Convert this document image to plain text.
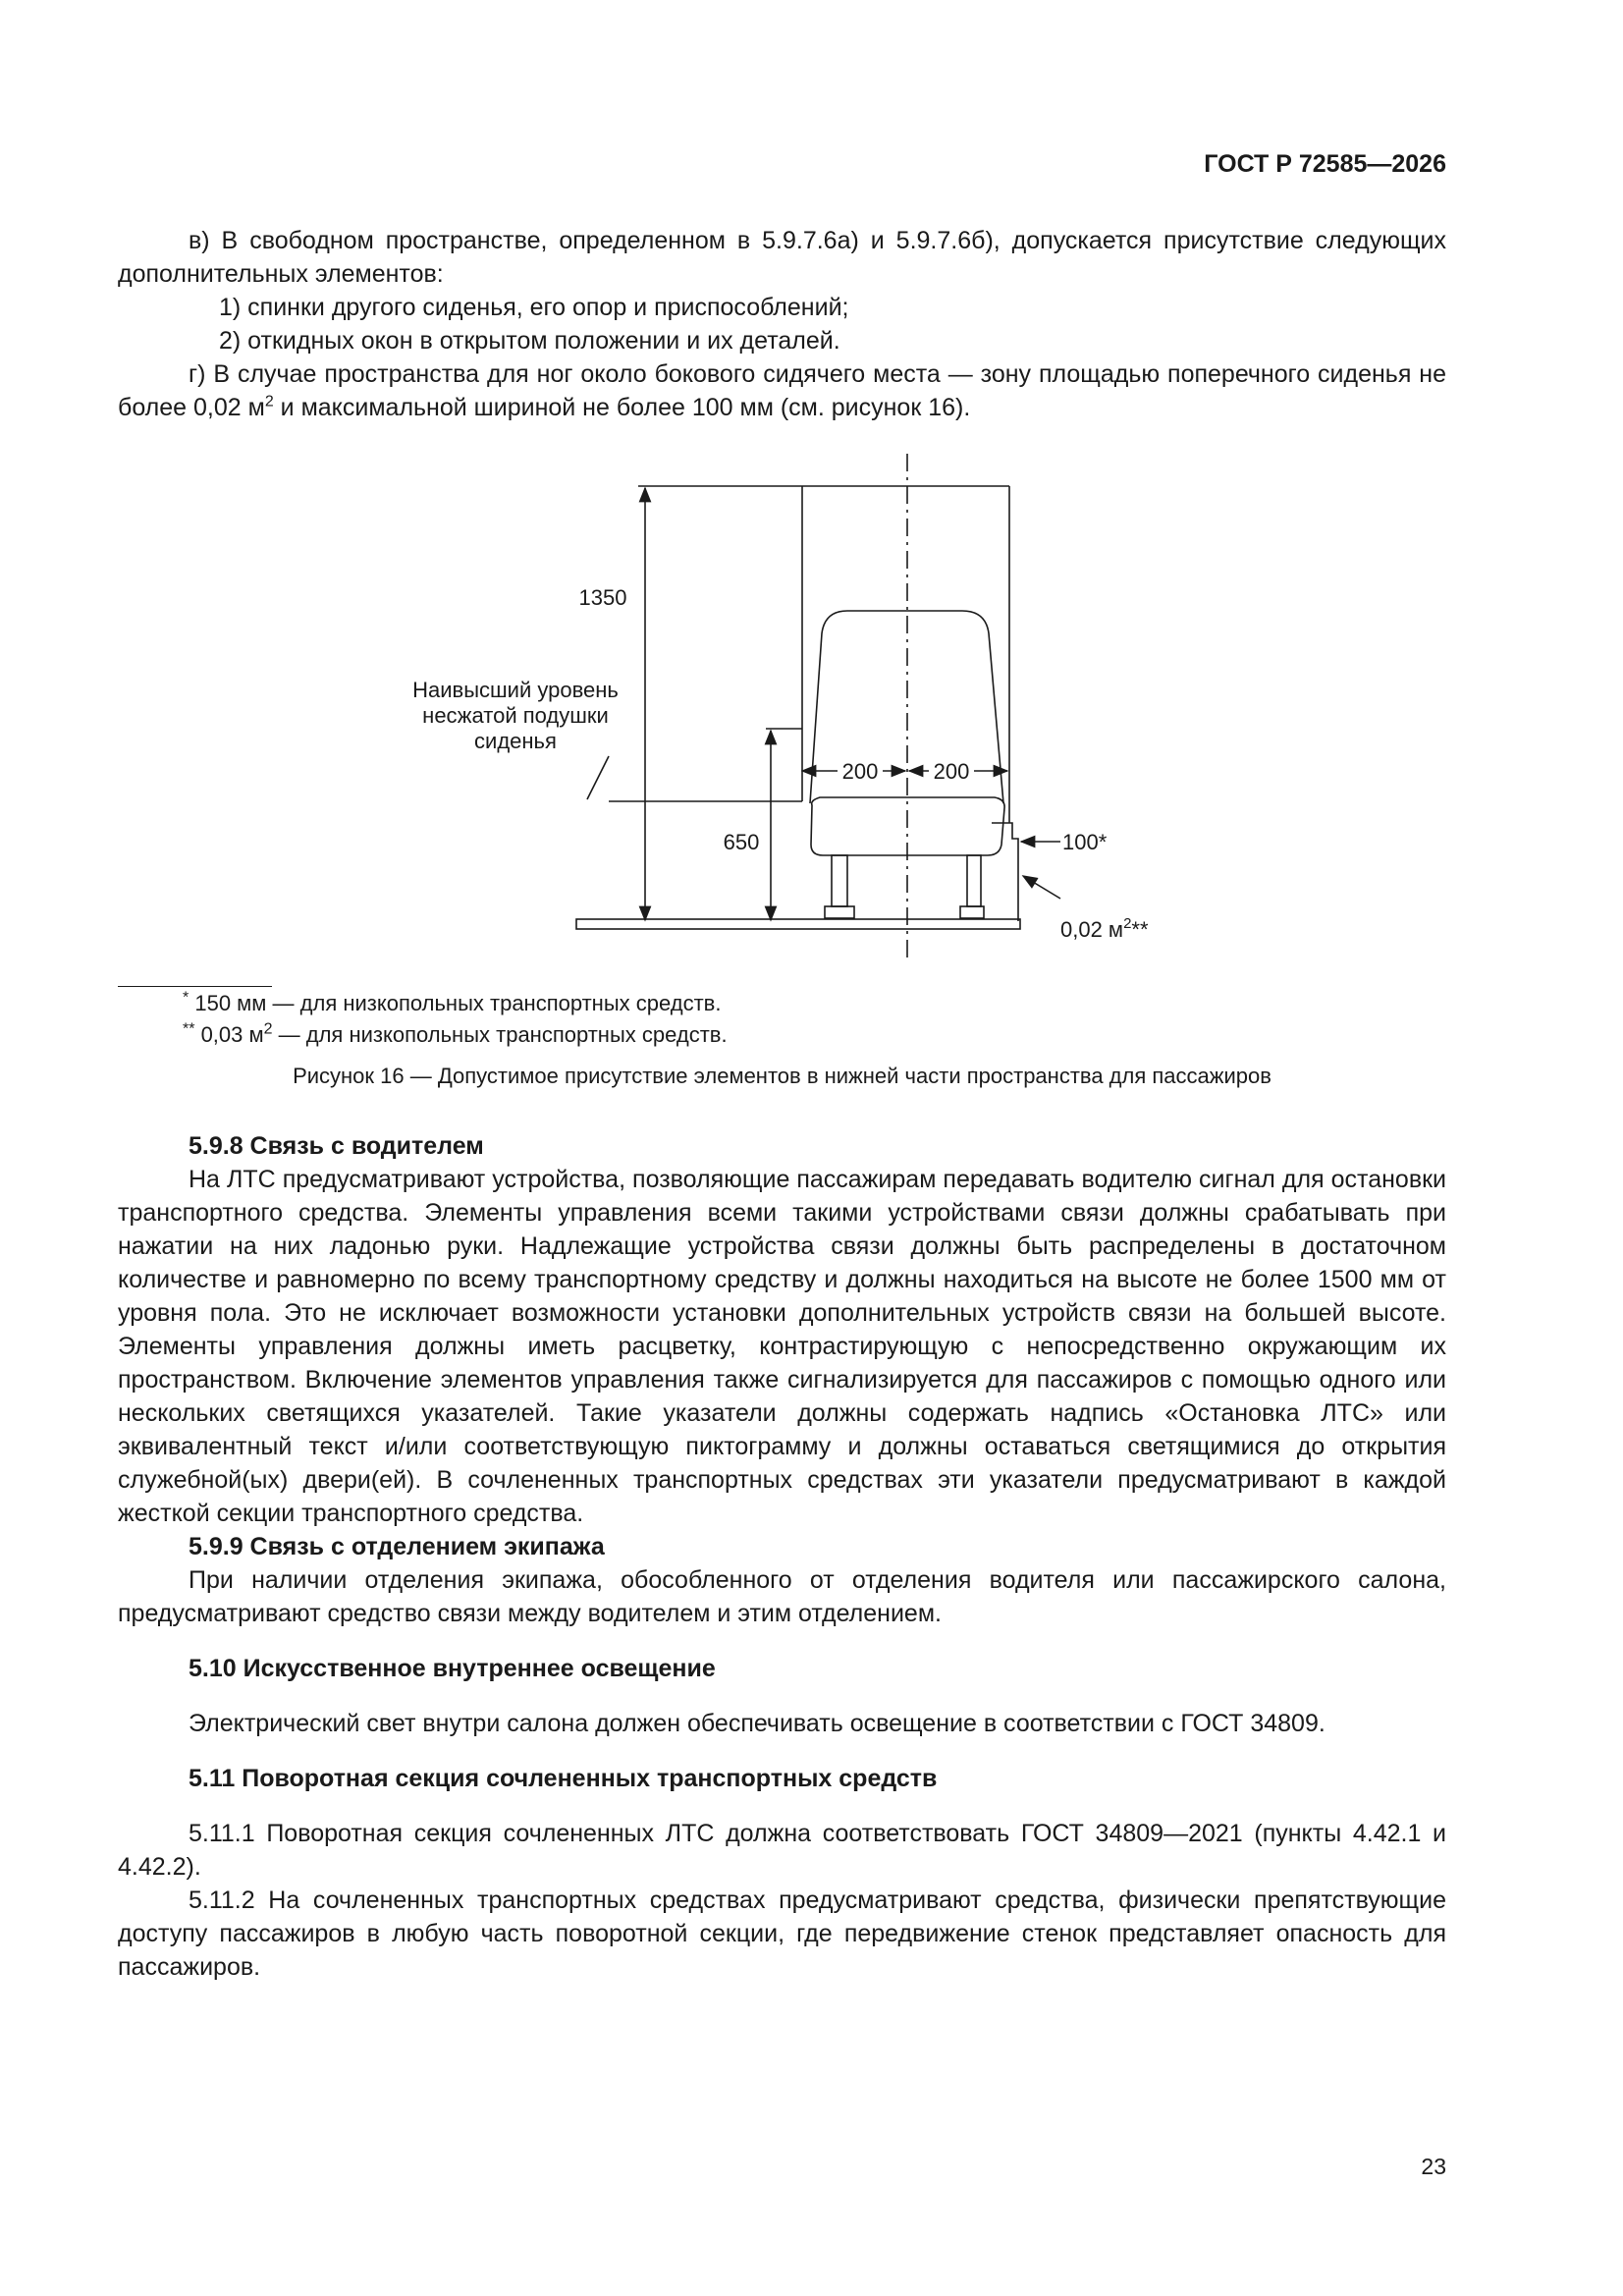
ГОСТ Р 72585—2026

в) В свободном пространстве, определенном в 5.9.7.6а) и 5.9.7.6б), допускается присутствие следующих дополнительных элементов:

1) спинки другого сиденья, его опор и приспособлений;
2) откидных окон в открытом положении и их деталей.

г) В случае пространства для ног около бокового сидячего места — зону площадью поперечного сиденья не более 0,02 $м^2$ и максимальной шириной не более 100 мм (см. рисунок 16).

1350
650
200	200
100*
0,02 $м^2**$
Наивысший уровень
несжатой подушки
сиденья
* 150 мм — для низкопольных транспортных средств.
** 0,03 $м^2$ — для низкопольных транспортных средств.
Рисунок 16 — Допустимое присутствие элементов в нижней части пространства для пассажиров

5.9.8 Связь с водителем

На ЛТС предусматривают устройства, позволяющие пассажирам передавать водителю сигнал для остановки транспортного средства. Элементы управления всеми такими устройствами связи должны срабатывать при нажатии на них ладонью руки. Надлежащие устройства связи должны быть распределены в достаточном количестве и равномерно по всему транспортному средству и должны находиться на высоте не более 1500 мм от уровня пола. Это не исключает возможности установки дополнительных устройств связи на большей высоте. Элементы управления должны иметь расцветку, контрастирующую с непосредственно окружающим их пространством. Включение элементов управления также сигнализируется для пассажиров с помощью одного или нескольких светящихся указателей. Такие указатели должны содержать надпись «Остановка ЛТС» или эквивалентный текст и/или соответствующую пиктограмму и должны оставаться светящимися до открытия служебной(ых) двери(ей). В сочлененных транспортных средствах эти указатели предусматривают в каждой жесткой секции транспортного средства.

5.9.9 Связь с отделением экипажа

При наличии отделения экипажа, обособленного от отделения водителя или пассажирского салона, предусматривают средство связи между водителем и этим отделением.

5.10 Искусственное внутреннее освещение

Электрический свет внутри салона должен обеспечивать освещение в соответствии с ГОСТ 34809.

5.11 Поворотная секция сочлененных транспортных средств

5.11.1 Поворотная секция сочлененных ЛТС должна соответствовать ГОСТ 34809—2021 (пункты 4.42.1 и 4.42.2).

5.11.2 На сочлененных транспортных средствах предусматривают средства, физически препятствующие доступу пассажиров в любую часть поворотной секции, где передвижение стенок представляет опасность для пассажиров.

23
